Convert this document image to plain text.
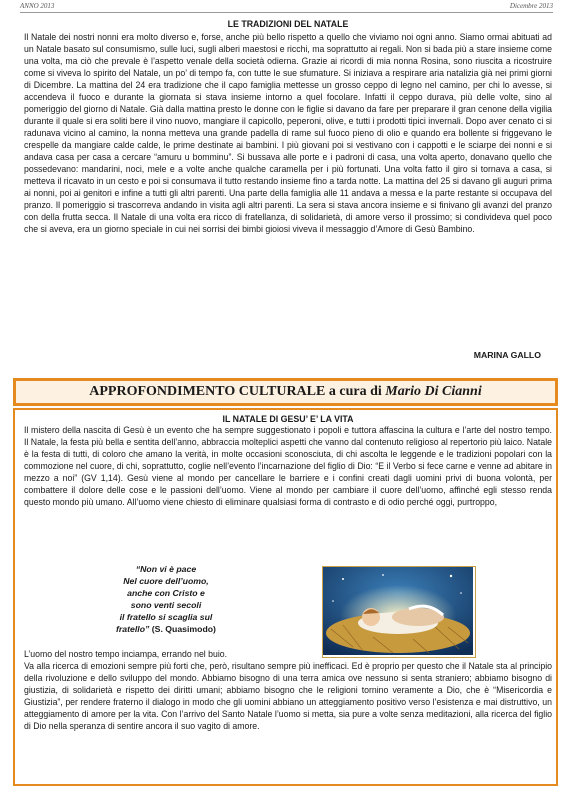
ANNO 2013	Dicembre 2013
LE TRADIZIONI DEL NATALE

Il Natale dei nostri nonni era molto diverso e, forse, anche più bello rispetto a quello che viviamo noi ogni anno. Siamo ormai abituati ad un Natale basato sul consumismo, sulle luci, sugli alberi maestosi e ricchi, ma soprattutto ai regali. Non si bada più a stare insieme come una volta, ma ciò che prevale è l’aspetto venale della società odierna. Grazie ai ricordi di mia nonna Rosina, sono riuscita a ricostruire come si viveva lo spirito del Natale, un po’ di tempo fa, con tutte le sue sfumature. Si iniziava a respirare aria natalizia già nei primi giorni di Dicembre. La mattina del 24 era tradizione che il capo famiglia mettesse un grosso ceppo di legno nel camino, per chi lo avesse, si accendeva il fuoco e durante la giornata si stava insieme intorno a quel focolare. Infatti il ceppo durava, più delle volte, sino al pomeriggio del giorno di Natale. Già dalla mattina presto le donne con le figlie si davano da fare per preparare il gran cenone della vigilia durante il quale si era soliti bere il vino nuovo, mangiare il capicollo, peperoni, olive, e tutti i prodotti tipici invernali. Dopo aver cenato ci si radunava vicino al camino, la nonna metteva una grande padella di rame sul fuoco pieno di olio e quando era bollente si friggevano le crespelle da mangiare calde calde, le prime destinate ai bambini. I più giovani poi si vestivano con i cappotti e le sciarpe dei nonni e si andava casa per casa a cercare “amuru u bomminu”. Si bussava alle porte e i padroni di casa, una volta aperto, donavano quello che possedevano: mandarini, noci, mele e a volte anche qualche caramella per i più fortunati. Una volta fatto il giro si tornava a casa, si metteva il ricavato in un cesto e poi si consumava il tutto restando insieme fino a tarda notte. La mattina del 25 si davano gli auguri prima ai nonni, poi ai genitori e infine a tutti gli altri parenti. Una parte della famiglia alle 11 andava a messa e la parte restante si occupava del pranzo. Il pomeriggio si trascorreva andando in visita agli altri parenti. La sera si stava ancora insieme e si finivano gli avanzi del pranzo con della frutta secca. Il Natale di una volta era ricco di fratellanza, di solidarietà, di amore verso il prossimo; si condivideva quel poco che si aveva, era un giorno speciale in cui nei sorrisi dei bimbi gioiosi viveva il messaggio d’Amore di Gesù Bambino.

MARINA GALLO
APPROFONDIMENTO CULTURALE a cura di Mario Di Cianni
IL NATALE DI GESU’ E’ LA VITA

Il mistero della nascita di Gesù è un evento che ha sempre suggestionato i popoli e tuttora affascina la cultura e l’arte del nostro tempo. Il Natale, la festa più bella e sentita dell’anno, abbraccia molteplici aspetti che vanno dal contenuto religioso al repertorio più laico. Natale è la festa di tutti, di coloro che amano la verità, in molte occasioni sconosciuta, di chi ascolta le leggende e le tradizioni popolari con la commozione nel cuore, di chi, soprattutto, coglie nell’evento l’incarnazione del figlio di Dio: “E il Verbo si fece carne e venne ad abitare in mezzo a noi” (GV 1,14). Gesù viene al mondo per cancellare le barriere e i confini creati dagli uomini privi di buona volontà, per combattere il dolore delle cose e le passioni dell’uomo. Viene al mondo per cambiare il cuore dell’uomo, affinché egli stesso renda questo mondo più umano. All’uomo viene chiesto di eliminare qualsiasi forma di contrasto e di odio perché oggi, purtroppo,

“Non vi è pace
Nel cuore dell’uomo,
anche con Cristo e
sono venti secoli
il fratello si scaglia sul
fratello” (S. Quasimodo)

L’uomo del nostro tempo inciampa, errando nel buio.

Va alla ricerca di emozioni sempre più forti che, però, risultano sempre più inefficaci. Ed è proprio per questo che il Natale sta al principio della rivoluzione e dello sviluppo del mondo. Abbiamo bisogno di una terra amica ove nessuno si senta straniero; abbiamo bisogno di giustizia, di solidarietà e rispetto dei diritti umani; abbiamo bisogno che le religioni tornino veramente a Dio, che è “Misericordia e Giustizia”, per rendere fraterno il dialogo in modo che gli uomini abbiano un atteggiamento positivo verso l’esistenza e mai distruttivo, un atteggiamento di amore per la vita. Con l’arrivo del Santo Natale l’uomo si metta, sia pure a volte senza meditazioni, alla ricerca del figlio di Dio nella speranza di sentire ancora il suo vagito di amore.
